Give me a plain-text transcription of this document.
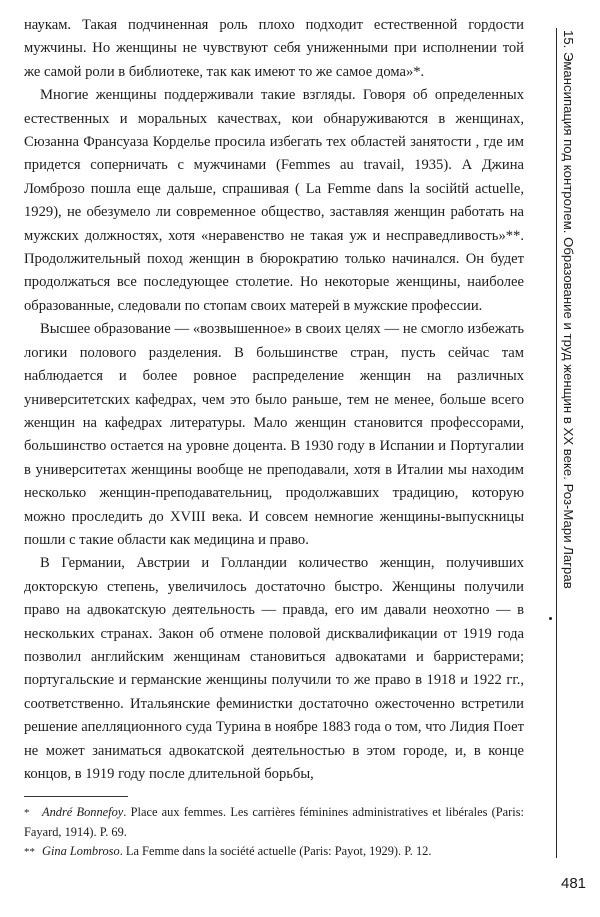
наукам. Такая подчиненная роль плохо подходит естественной гордости мужчины. Но женщины не чувствуют себя униженными при исполнении той же самой роли в библиотеке, так как имеют то же самое дома»*.

Многие женщины поддерживали такие взгляды. Говоря об определенных естественных и моральных качествах, кои обнаруживаются в женщинах, Сюзанна Франсуаза Корделье просила избегать тех областей занятости , где им придется соперничать с мужчинами (Femmes au travail, 1935). А Джина Ломброзо пошла еще дальше, спрашивая ( La Femme dans la sociйtй actuelle, 1929), не обезумело ли современное общество, заставляя женщин работать на мужских должностях, хотя «неравенство не такая уж и несправедливость»**. Продолжительный поход женщин в бюрократию только начинался. Он будет продолжаться все последующее столетие. Но некоторые женщины, наиболее образованные, следовали по стопам своих матерей в мужские профессии.

Высшее образование — «возвышенное» в своих целях — не смогло избежать логики полового разделения. В большинстве стран, пусть сейчас там наблюдается и более ровное распределение женщин на различных университетских кафедрах, чем это было раньше, тем не менее, больше всего женщин на кафедрах литературы. Мало женщин становится профессорами, большинство остается на уровне доцента. В 1930 году в Испании и Португалии в университетах женщины вообще не преподавали, хотя в Италии мы находим несколько женщин-преподавательниц, продолжавших традицию, которую можно проследить до XVIII века. И совсем немногие женщины-выпускницы пошли с такие области как медицина и право.

В Германии, Австрии и Голландии количество женщин, получивших докторскую степень, увеличилось достаточно быстро. Женщины получили право на адвокатскую деятельность — правда, его им давали неохотно — в нескольких странах. Закон об отмене половой дисквалификации от 1919 года позволил английским женщинам становиться адвокатами и барристерами; португальские и германские женщины получили то же право в 1918 и 1922 гг., соответственно. Итальянские феминистки достаточно ожесточенно встретили решение апелляционного суда Турина в ноябре 1883 года о том, что Лидия Поет не может заниматься адвокатской деятельностью в этом городе, и, в конце концов, в 1919 году после длительной борьбы,

15. Эмансипация под контролем. Образование и труд женщин в XX веке. Роз-Мари Лаграв

* André Bonnefoy. Place aux femmes. Les carrières féminines administratives et libérales (Paris: Fayard, 1914). P. 69.

** Gina Lombroso. La Femme dans la société actuelle (Paris: Payot, 1929). P. 12.

481
